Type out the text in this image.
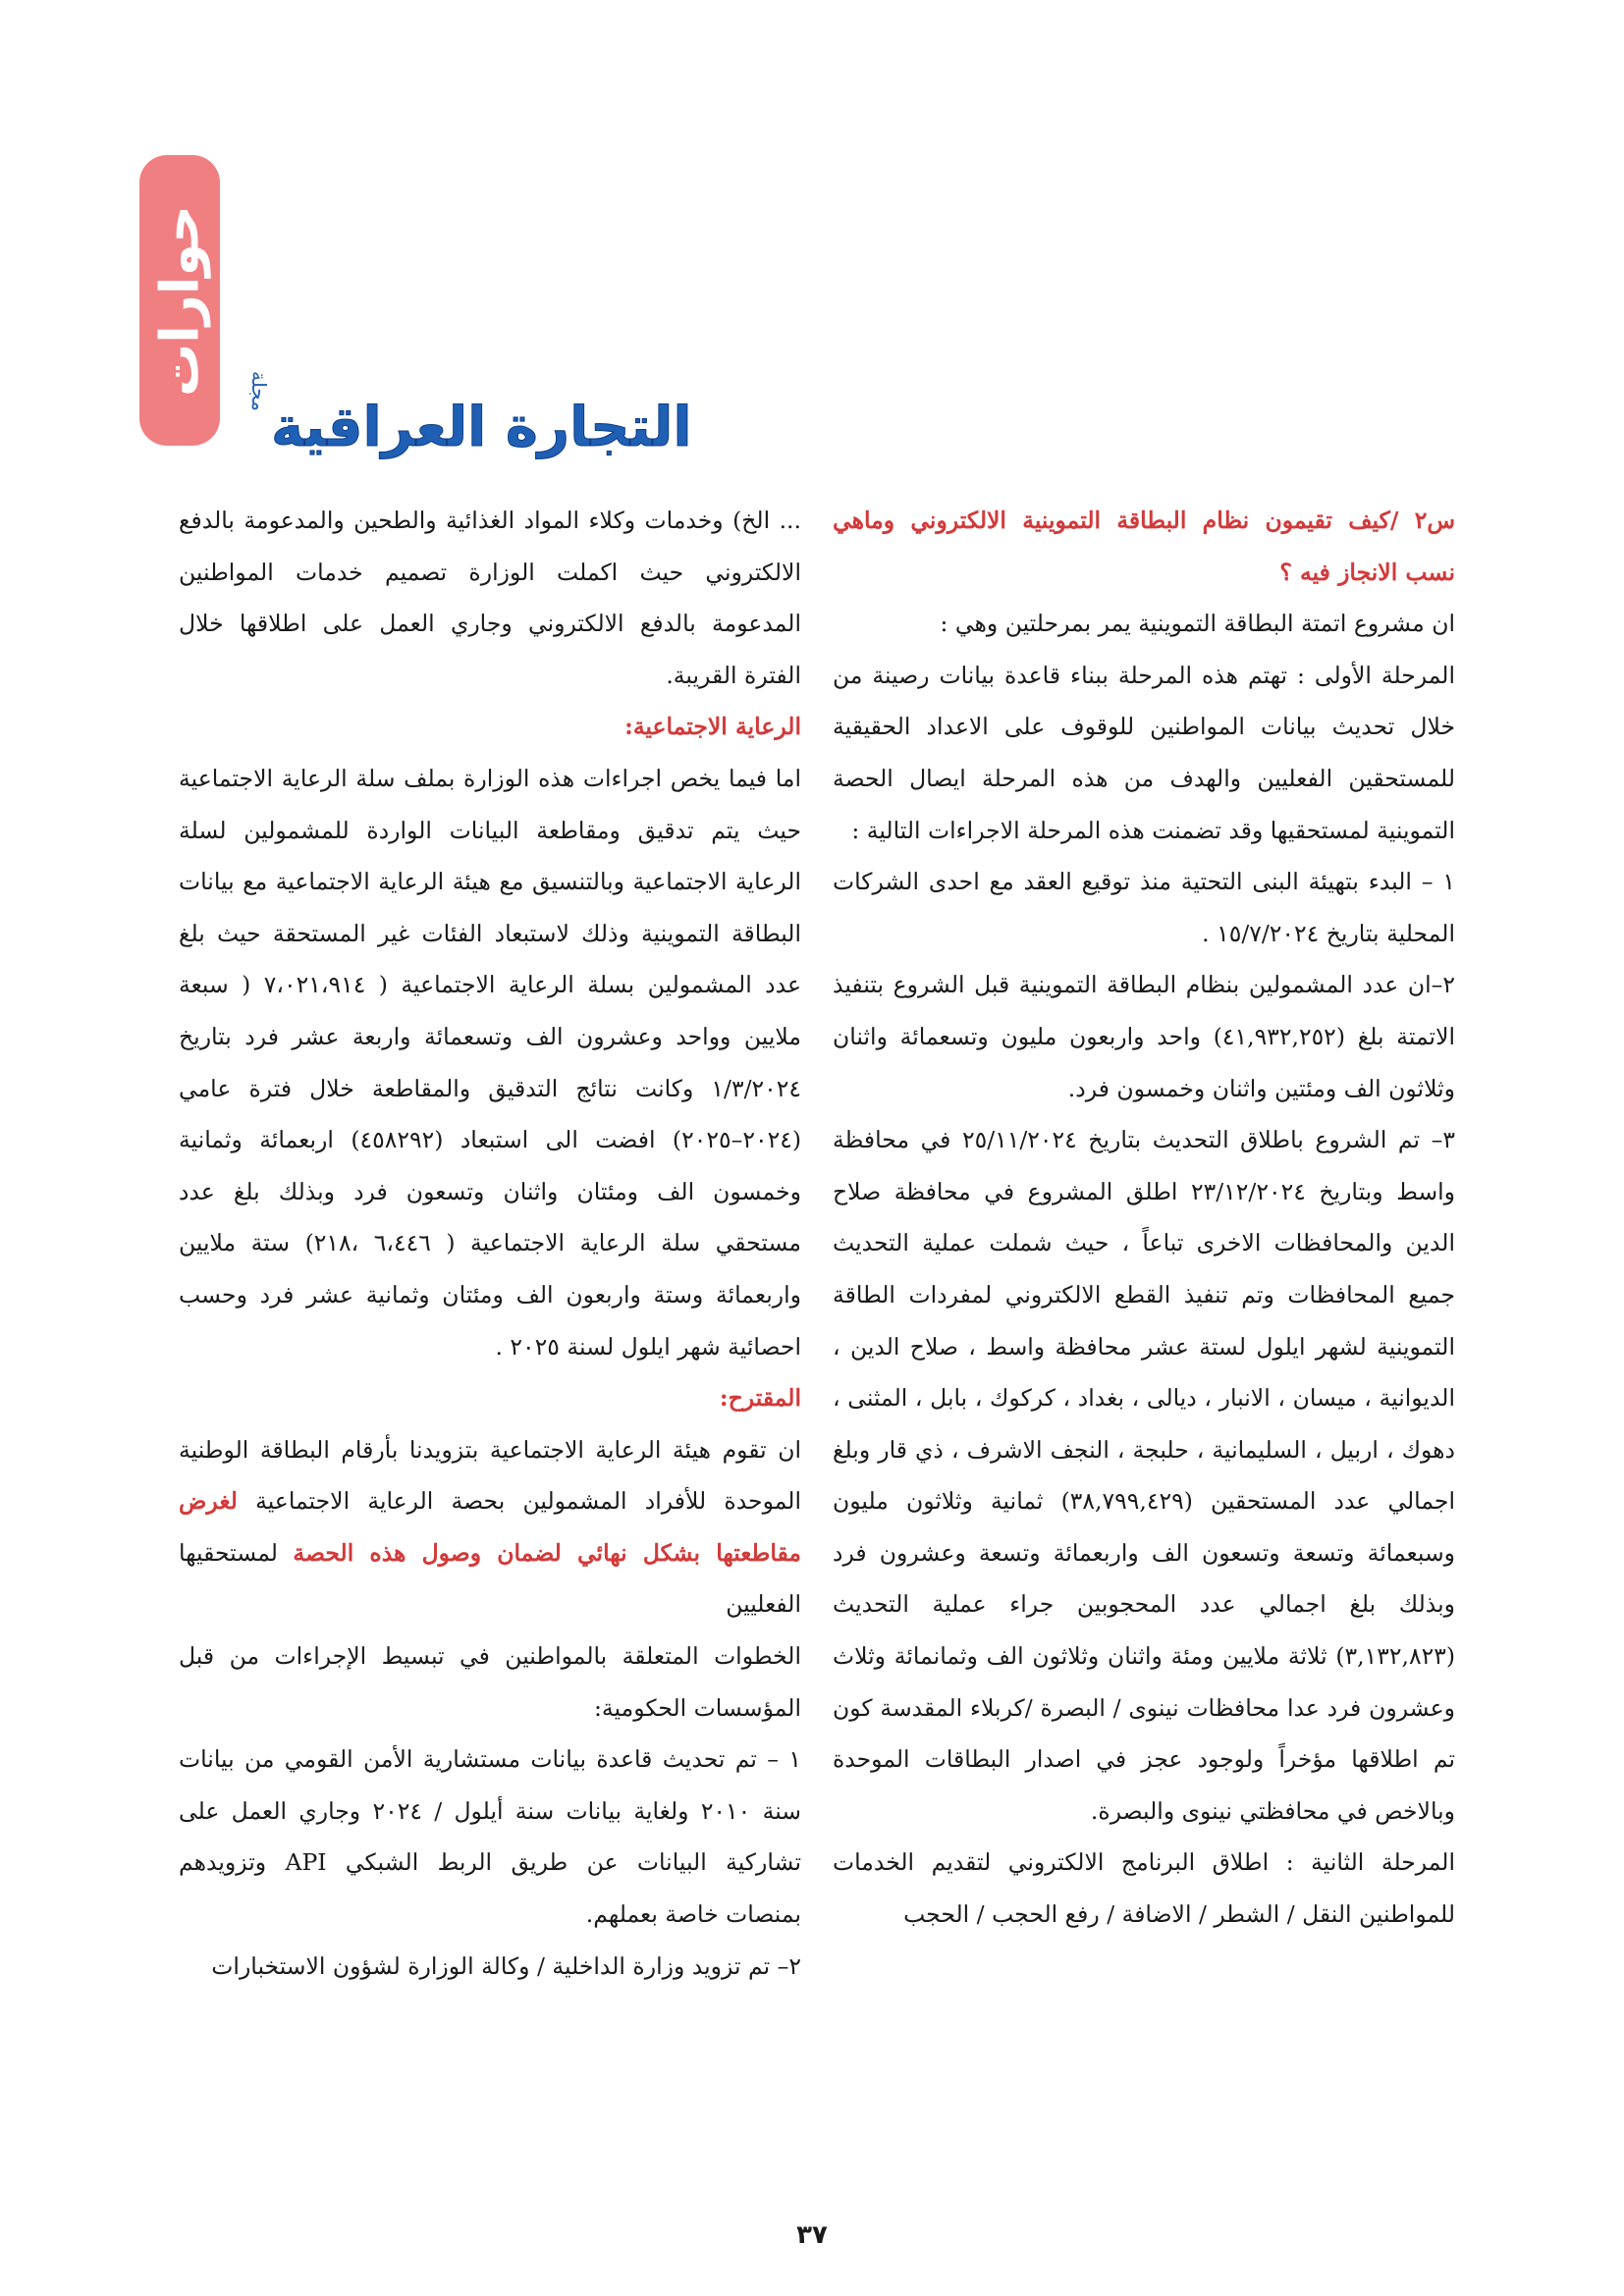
حوارات
التجارة العراقية
مجلة

س٢ /كيف تقيمون نظام البطاقة التموينية الالكتروني وماهي نسب الانجاز فيه ؟

ان مشروع اتمتة البطاقة التموينية يمر بمرحلتين وهي :

المرحلة الأولى : تهتم هذه المرحلة ببناء قاعدة بيانات رصينة من خلال تحديث بيانات المواطنين للوقوف على الاعداد الحقيقية للمستحقين الفعليين والهدف من هذه المرحلة ايصال الحصة التموينية لمستحقيها وقد تضمنت هذه المرحلة الاجراءات التالية :

١ – البدء بتهيئة البنى التحتية منذ توقيع العقد مع احدى الشركات المحلية بتاريخ ١٥/٧/٢٠٢٤ .

٢–ان عدد المشمولين بنظام البطاقة التموينية قبل الشروع بتنفيذ الاتمتة بلغ (٤١,٩٣٢,٢٥٢) واحد واربعون مليون وتسعمائة واثنان وثلاثون الف ومئتين واثنان وخمسون فرد.

٣– تم الشروع باطلاق التحديث بتاريخ ٢٥/١١/٢٠٢٤ في محافظة واسط وبتاريخ ٢٣/١٢/٢٠٢٤ اطلق المشروع في محافظة صلاح الدين والمحافظات الاخرى تباعاً ، حيث شملت عملية التحديث جميع المحافظات وتم تنفيذ القطع الالكتروني لمفردات الطاقة التموينية لشهر ايلول لستة عشر محافظة واسط ، صلاح الدين ، الديوانية ، ميسان ، الانبار ، ديالى ، بغداد ، كركوك ، بابل ، المثنى ، دهوك ، اربيل ، السليمانية ، حلبجة ، النجف الاشرف ، ذي قار وبلغ اجمالي عدد المستحقين (٣٨,٧٩٩,٤٢٩) ثمانية وثلاثون مليون وسبعمائة وتسعة وتسعون الف واربعمائة وتسعة وعشرون فرد وبذلك بلغ اجمالي عدد المحجوبين جراء عملية التحديث (٣,١٣٢,٨٢٣) ثلاثة ملايين ومئة واثنان وثلاثون الف وثمانمائة وثلاث وعشرون فرد عدا محافظات نينوى / البصرة /كربلاء المقدسة كون تم اطلاقها مؤخراً ولوجود عجز في اصدار البطاقات الموحدة وبالاخص في محافظتي نينوى والبصرة.

المرحلة الثانية : اطلاق البرنامج الالكتروني لتقديم الخدمات للمواطنين النقل / الشطر / الاضافة / رفع الحجب / الحجب

... الخ) وخدمات وكلاء المواد الغذائية والطحين والمدعومة بالدفع الالكتروني حيث اكملت الوزارة تصميم خدمات المواطنين المدعومة بالدفع الالكتروني وجاري العمل على اطلاقها خلال الفترة القريبة.

الرعاية الاجتماعية:

اما فيما يخص اجراءات هذه الوزارة بملف سلة الرعاية الاجتماعية حيث يتم تدقيق ومقاطعة البيانات الواردة للمشمولين لسلة الرعاية الاجتماعية وبالتنسيق مع هيئة الرعاية الاجتماعية مع بيانات البطاقة التموينية وذلك لاستبعاد الفئات غير المستحقة حيث بلغ عدد المشمولين بسلة الرعاية الاجتماعية ( ٧،٠٢١،٩١٤ ( سبعة ملايين وواحد وعشرون الف وتسعمائة واربعة عشر فرد بتاريخ ١/٣/٢٠٢٤ وكانت نتائج التدقيق والمقاطعة خلال فترة عامي (٢٠٢٤–٢٠٢٥) افضت الى استبعاد (٤٥٨٢٩٢) اربعمائة وثمانية وخمسون الف ومئتان واثنان وتسعون فرد وبذلك بلغ عدد مستحقي سلة الرعاية الاجتماعية ( ٦،٤٤٦ ،٢١٨) ستة ملايين واربعمائة وستة واربعون الف ومئتان وثمانية عشر فرد وحسب احصائية شهر ايلول لسنة ٢٠٢٥ .

المقترح:

ان تقوم هيئة الرعاية الاجتماعية بتزويدنا بأرقام البطاقة الوطنية الموحدة للأفراد المشمولين بحصة الرعاية الاجتماعية لغرض مقاطعتها بشكل نهائي لضمان وصول هذه الحصة لمستحقيها الفعليين

الخطوات المتعلقة بالمواطنين في تبسيط الإجراءات من قبل المؤسسات الحكومية:

١ – تم تحديث قاعدة بيانات مستشارية الأمن القومي من بيانات سنة ٢٠١٠ ولغاية بيانات سنة أيلول / ٢٠٢٤ وجاري العمل على تشاركية البيانات عن طريق الربط الشبكي API وتزويدهم بمنصات خاصة بعملهم.

٢– تم تزويد وزارة الداخلية / وكالة الوزارة لشؤون الاستخبارات

٣٧
